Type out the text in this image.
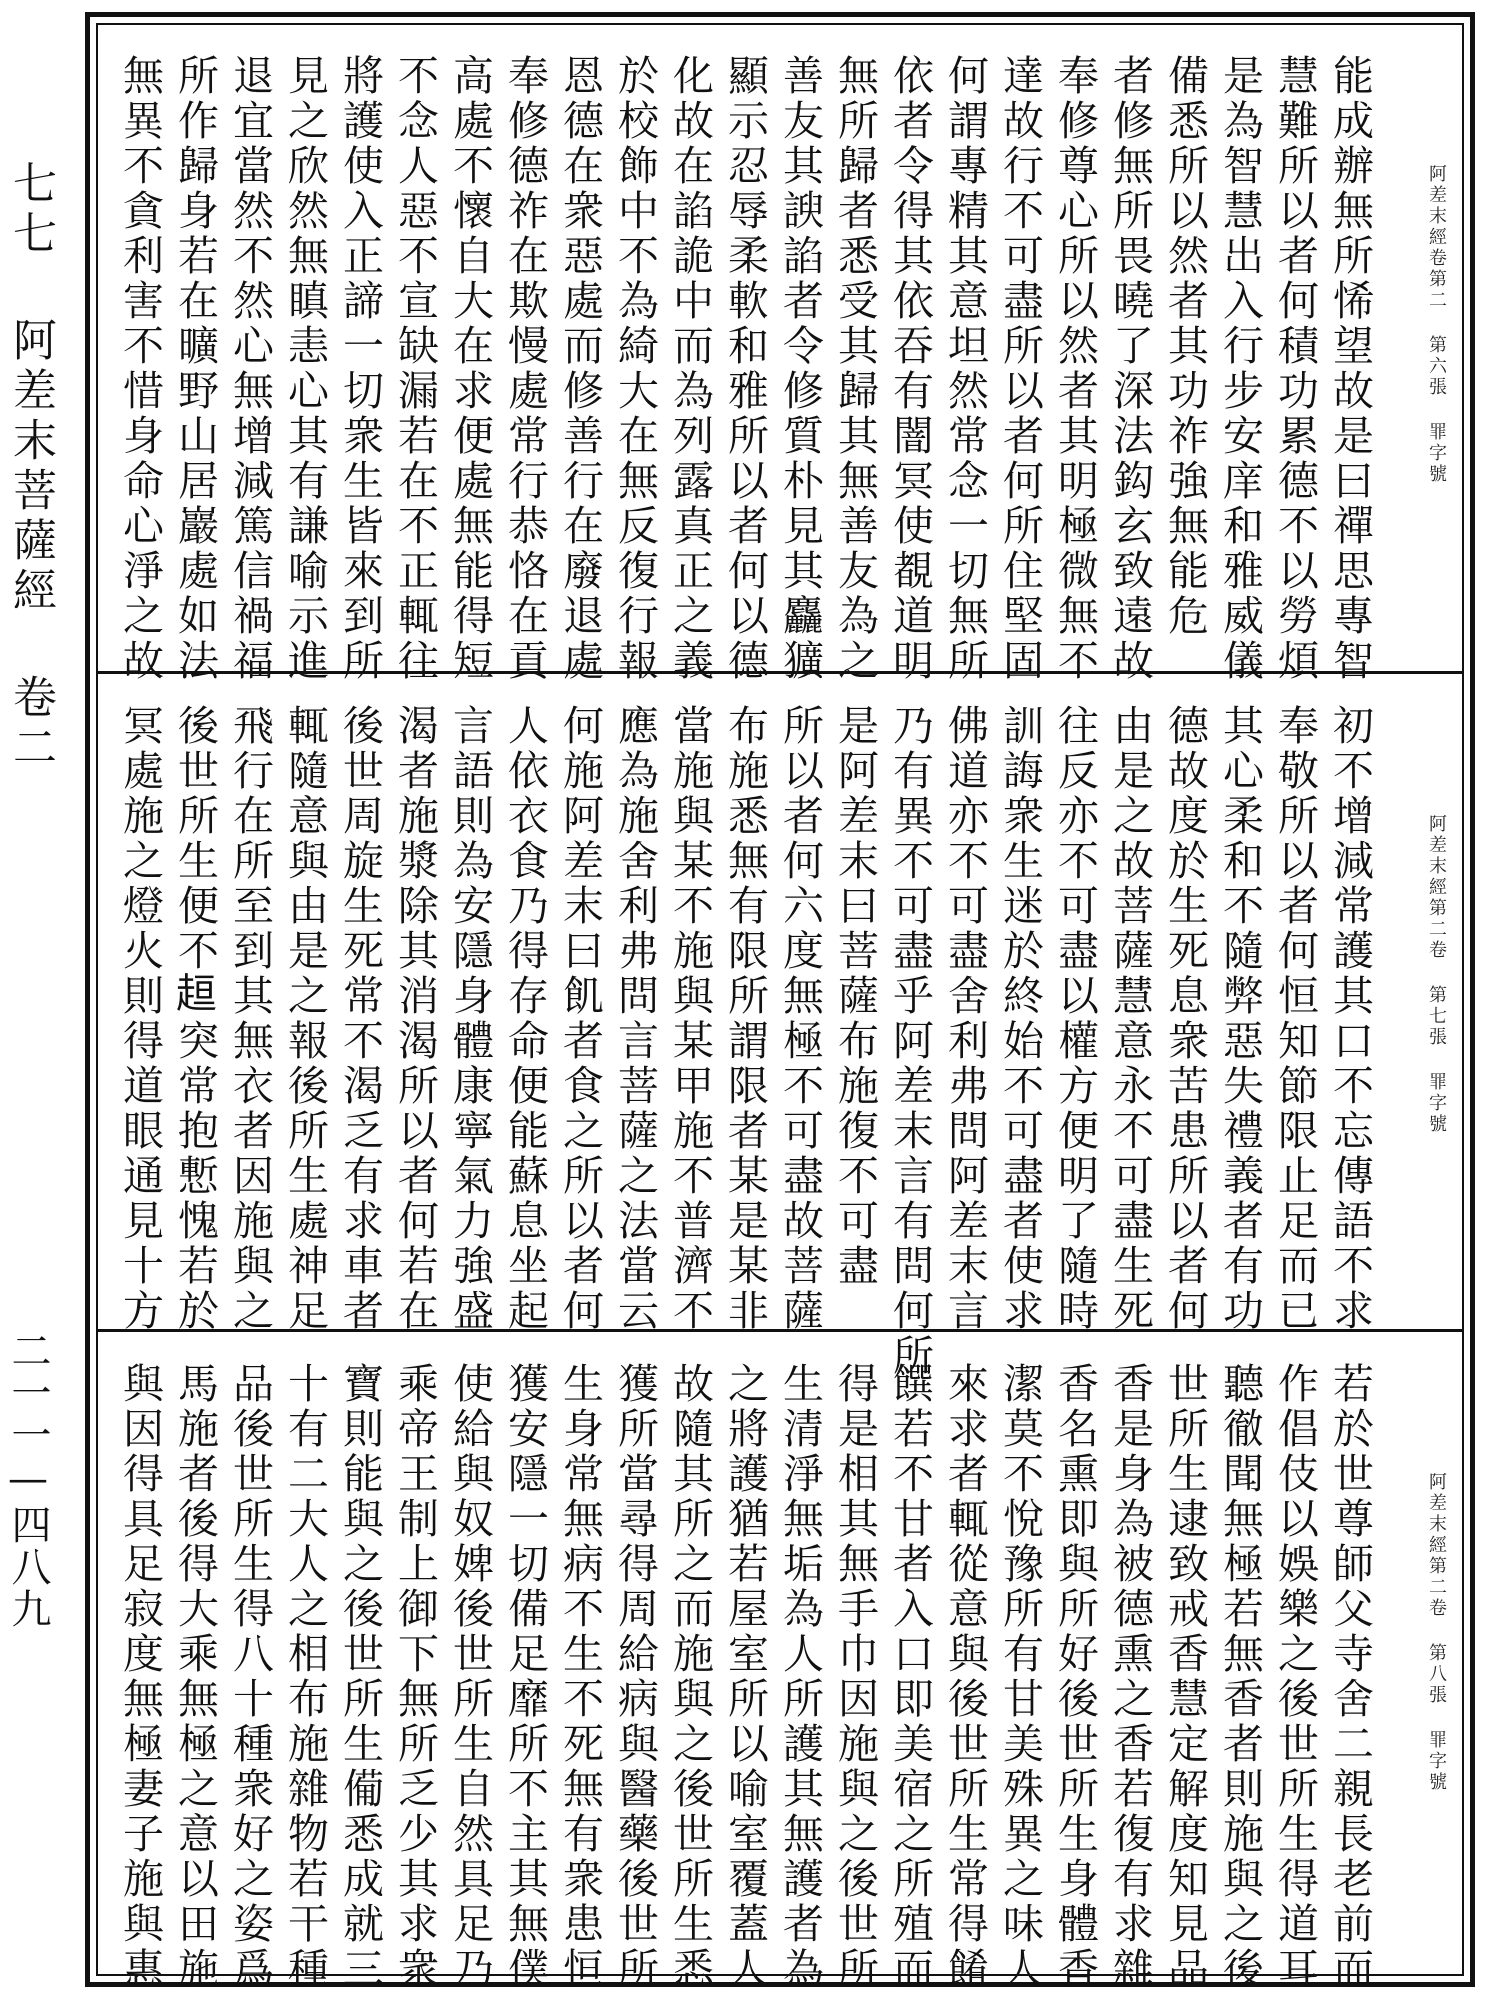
七七 阿差末菩薩經 卷二
二一一—四八九
阿差末經卷第二 第六張 罪字號
能成辦無所悕望故是曰禪思專智
慧難所以者何積功累德不以勞煩
是為智慧出入行步安庠和雅威儀
備悉所以然者其功祚強無能危
者修無所畏曉了深法鈎玄致遠故
奉修尊心所以然者其明極微無不
達故行不可盡所以者何所住堅固
何謂專精其意坦然常念一切無所
依者令得其依吞有闇冥使覩道明
無所歸者悉受其歸其無善友為之
善友其諛諂者令修質朴見其麤獷
顯示忍辱柔軟和雅所以者何以德
化故在諂詭中而為列露真正之義
於校飾中不為綺大在無反復行報
恩德在衆惡處而修善行在廢退處
奉修德祚在欺慢處常行恭恪在貢
高處不懷自大在求便處無能得短
不念人惡不宣缺漏若在不正輒往
將護使入正諦一切衆生皆來到所
見之欣然無瞋恚心其有謙喻示進
退宜當然不然心無增減篤信禍福
所作歸身若在曠野山居巖處如法
無異不貪利害不惜身命心淨之故
阿差末經第二卷 第七張 罪字號
初不增減常護其口不忘傳語不求
奉敬所以者何恒知節限止足而已
其心柔和不隨弊惡失禮義者有功
德故度於生死息衆苦患所以者何
由是之故菩薩慧意永不可盡生死
往反亦不可盡以權方便明了隨時
訓誨衆生迷於終始不可盡者使求
佛道亦不可盡舍利弗問阿差末言
乃有異不可盡乎阿差末言有問何所
是阿差末曰菩薩布施復不可盡
所以者何六度無極不可盡故菩薩
布施悉無有限所謂限者某是某非
當施與某不施與某甲施不普濟不
應為施舍利弗問言菩薩之法當云
何施阿差末曰飢者食之所以者何
人依衣食乃得存命便能蘇息坐起
言語則為安隱身體康寧氣力強盛
渴者施漿除其消渴所以者何若在
後世周旋生死常不渴乏有求車者
輒隨意與由是之報後所生處神足
飛行在所至到其無衣者因施與之
後世所生便不𧻚突常抱慙愧若於
冥處施之燈火則得道眼通見十方
阿差末經第二卷 第八張 罪字號
若於世尊師父寺舍二親長老前而
作倡伎以娛樂之後世所生得道耳
聽徹聞無極若無香者則施與之後
世所生逮致戒香慧定解度知見品
香是身為被德熏之香若復有求雜
香名熏即與所好後世所生身體香
潔莫不悅豫所有甘美殊異之味人
來求者輒從意與後世所生常得餚
饌若不甘者入口即美宿之所殖而
得是相其無手巾因施與之後世所
生清淨無垢為人所護其無護者為
之將護猶若屋室所以喻室覆蓋人
故隨其所之而施與之後世所生悉
獲所當尋得周給病與醫藥後世所
生身常無病不生不死無有衆患恒
獲安隱一切備足靡所不主其無僕
使給與奴婢後世所生自然具足乃
乘帝王制上御下無所乏少其求衆
寶則能與之後世所生僃悉成就三
十有二大人之相布施雜物若干種
品後世所生得八十種衆好之姿爲
馬施者後得大乘無極之意以田施
與因得具足寂度無極妻子施與惠
